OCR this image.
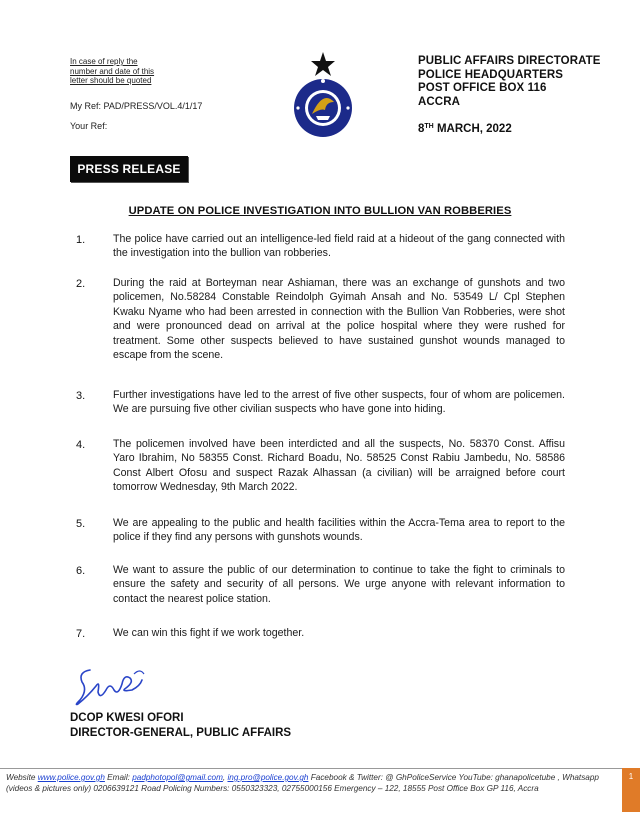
In case of reply the
number and date of this
letter should be quoted
My Ref: PAD/PRESS/VOL.4/1/17
Your Ref:
PUBLIC AFFAIRS DIRECTORATE
POLICE HEADQUARTERS
POST OFFICE BOX 116
ACCRA
8TH MARCH, 2022
PRESS RELEASE
UPDATE ON POLICE INVESTIGATION INTO BULLION VAN ROBBERIES
1.	The police have carried out an intelligence-led field raid at a hideout of the gang connected with the investigation into the bullion van robberies.
2.	During the raid at Borteyman near Ashiaman, there was an exchange of gunshots and two policemen, No.58284 Constable Reindolph Gyimah Ansah and No. 53549 L/ Cpl Stephen Kwaku Nyame who had been arrested in connection with the Bullion Van Robberies, were shot and were pronounced dead on arrival at the police hospital where they were rushed for treatment. Some other suspects believed to have sustained gunshot wounds managed to escape from the scene.
3.	Further investigations have led to the arrest of five other suspects, four of whom are policemen. We are pursuing five other civilian suspects who have gone into hiding.
4.	The policemen involved have been interdicted and all the suspects, No. 58370 Const. Affisu Yaro Ibrahim, No 58355 Const. Richard Boadu, No. 58525 Const Rabiu Jambedu, No. 58586 Const Albert Ofosu and suspect Razak Alhassan (a civilian) will be arraigned before court tomorrow Wednesday, 9th March 2022.
5.	We are appealing to the public and health facilities within the Accra-Tema area to report to the police if they find any persons with gunshots wounds.
6.	We want to assure the public of our determination to continue to take the fight to criminals to ensure the safety and security of all persons. We urge anyone with relevant information to contact the nearest police station.
7.	We can win this fight if we work together.
DCOP KWESI OFORI
DIRECTOR-GENERAL, PUBLIC AFFAIRS
Website www.police.gov.gh Email: padphotopol@gmail.com, ing.pro@police.gov.gh Facebook & Twitter: @ GhPoliceService YouTube: ghanapolicetube , Whatsapp (videos & pictures only) 0206639121 Road Policing Numbers: 0550323323, 02755000156 Emergency – 122, 18555 Post Office Box GP 116, Accra
1
